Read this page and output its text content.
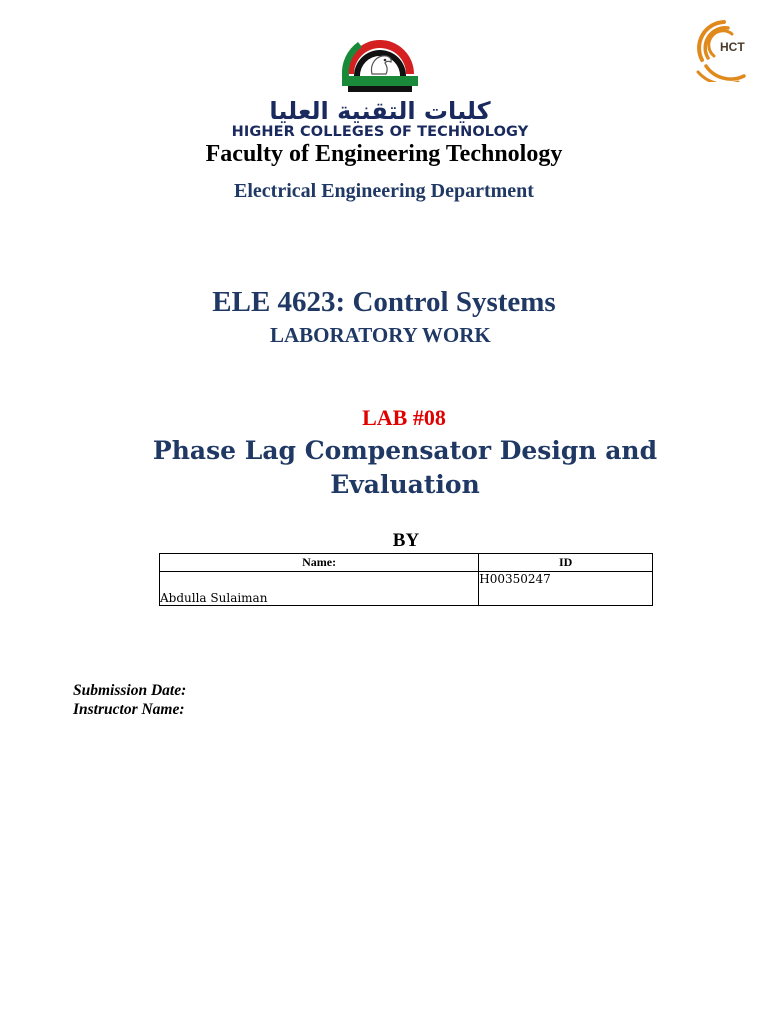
كليات التقنية العليا
HIGHER COLLEGES OF TECHNOLOGY
HCT
Faculty of Engineering Technology
Electrical Engineering Department
ELE 4623: Control Systems
LABORATORY WORK
LAB #08
Phase Lag Compensator Design and Evaluation
BY
Name:	ID
Abdulla Sulaiman	H00350247
Submission Date:
Instructor Name:
